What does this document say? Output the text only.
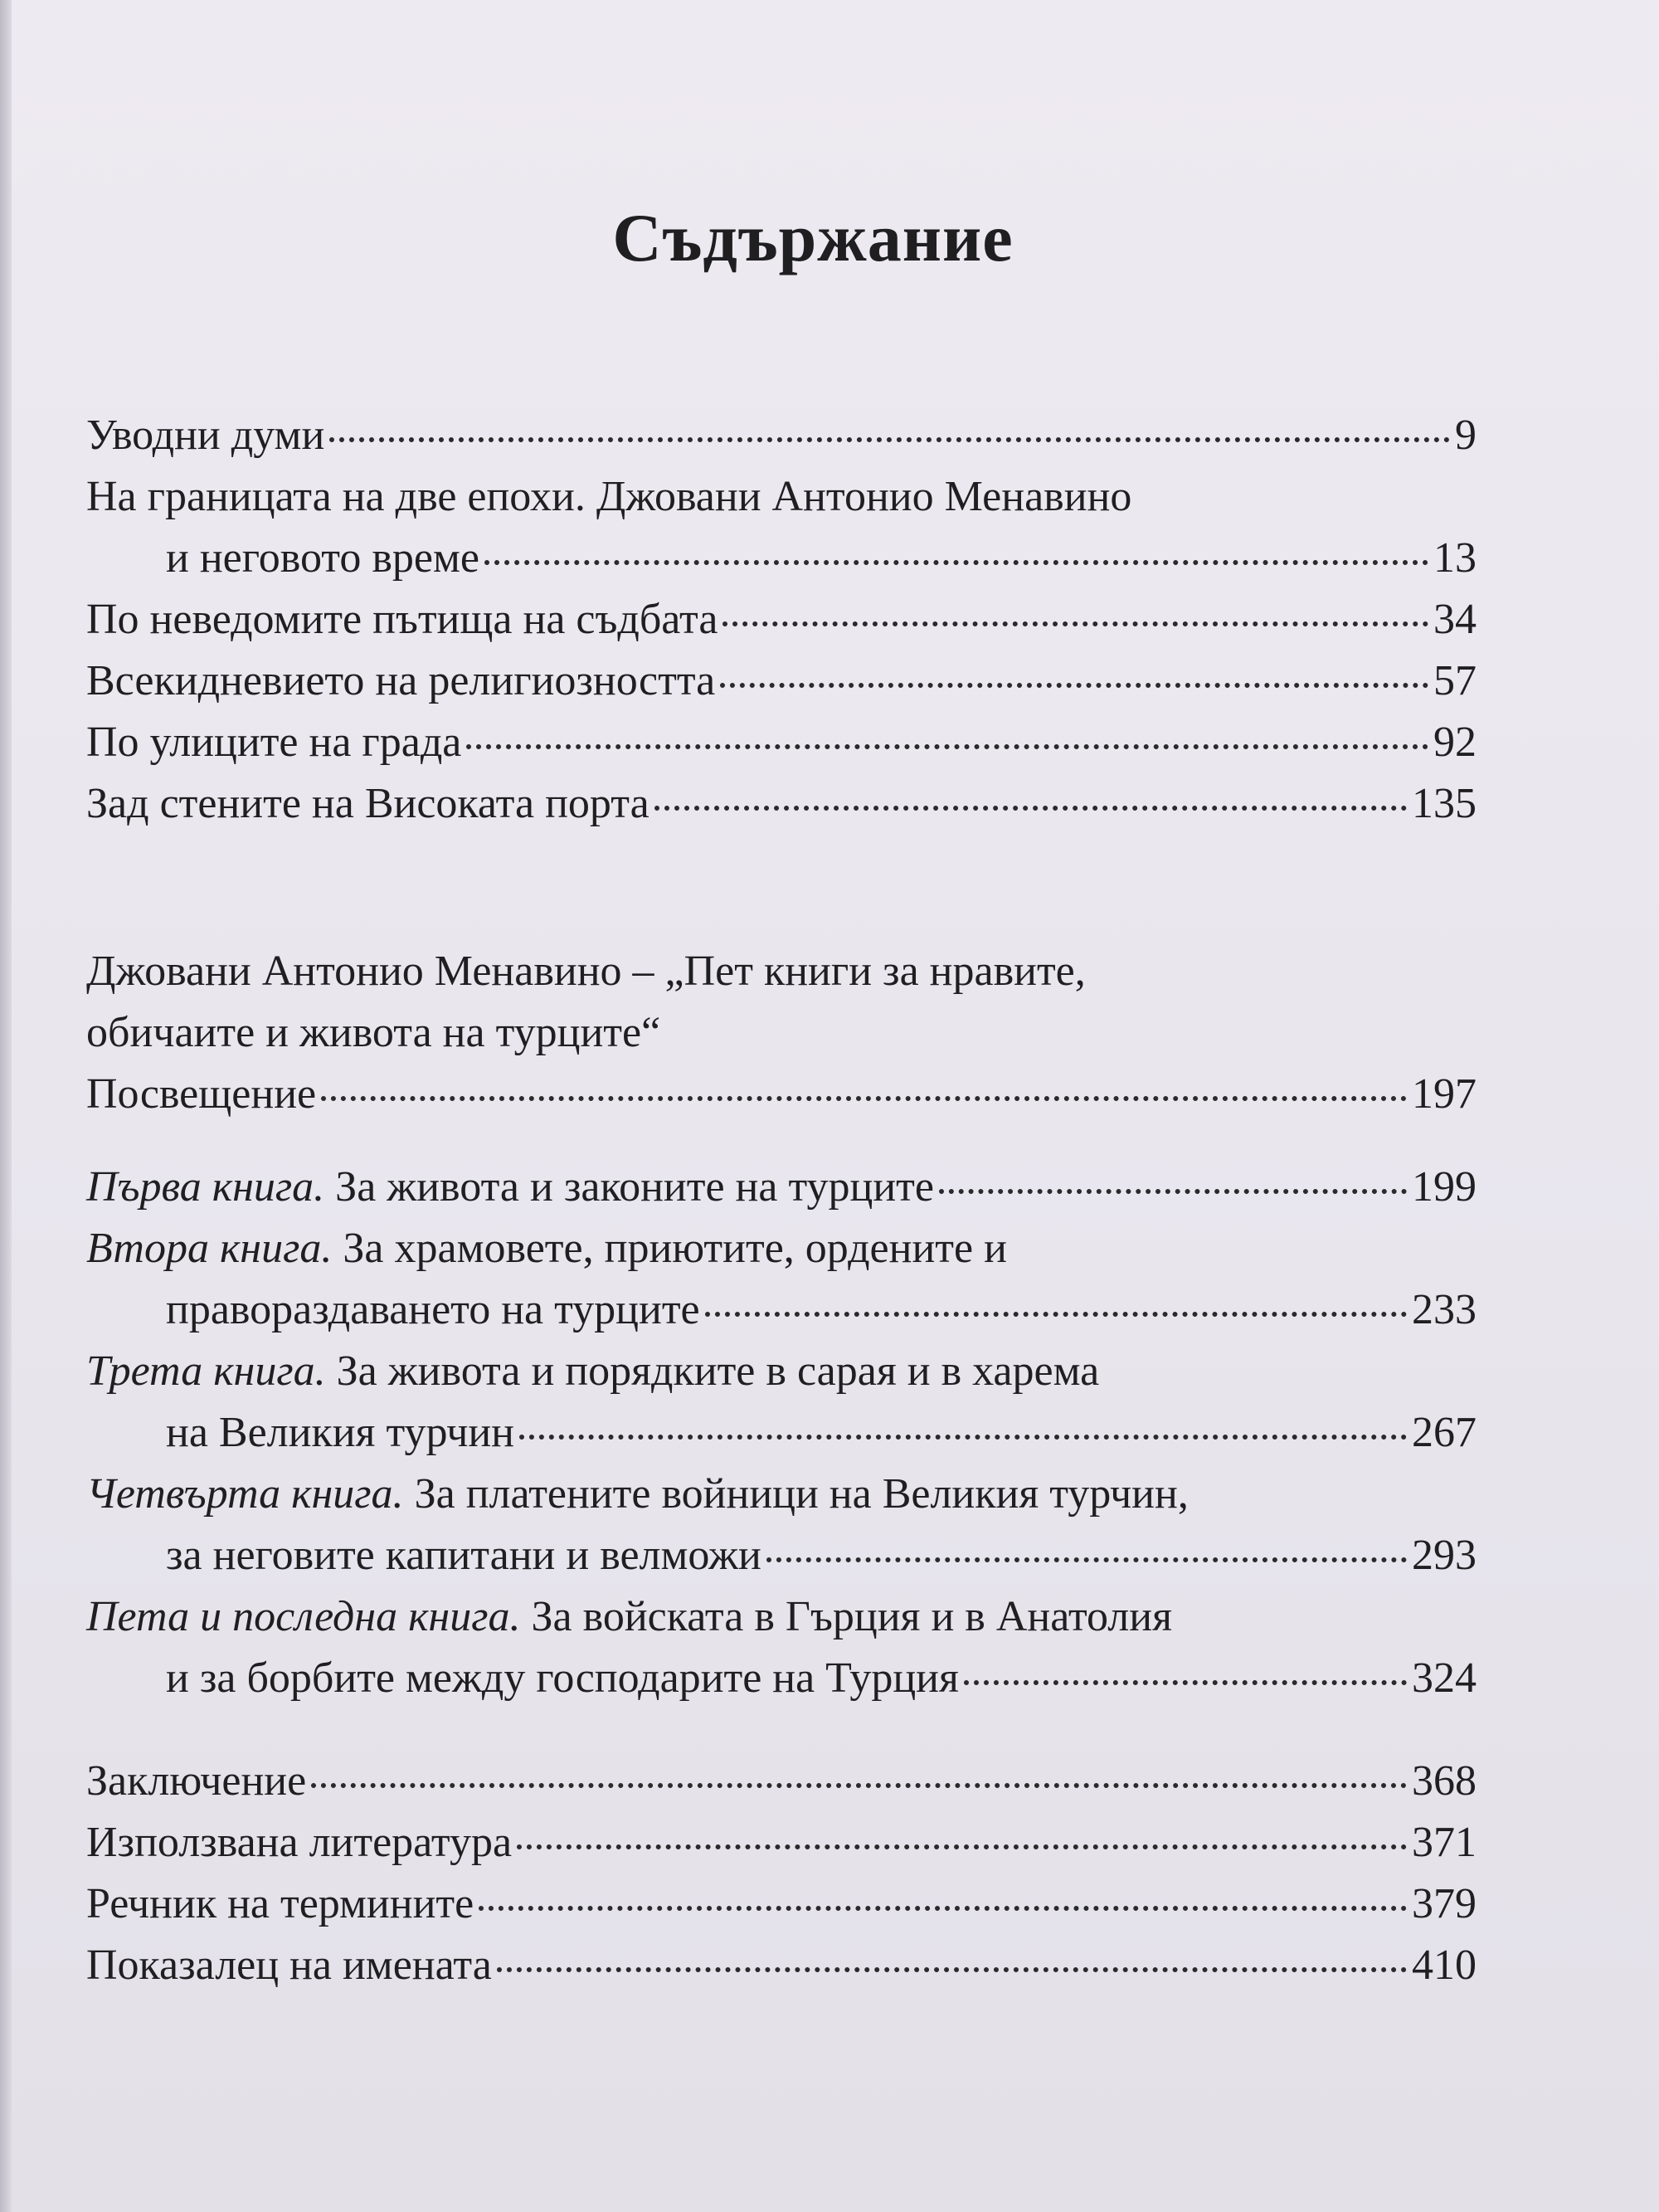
Съдържание
Уводни думи	9
На границата на две епохи. Джовани Антонио Менавино
и неговото време	13
По неведомите пътища на съдбата	34
Всекидневието на религиозността	57
По улиците на града	92
Зад стените на Високата порта	135
Джовани Антонио Менавино – „Пет книги за нравите,
обичаите и живота на турците“
Посвещение	197
Първа книга. За живота и законите на турците	199
Втора книга. За храмовете, приютите, ордените и
правораздаването на турците	233
Трета книга. За живота и порядките в сарая и в харема
на Великия турчин	267
Четвърта книга. За платените войници на Великия турчин,
за неговите капитани и велможи	293
Пета и последна книга. За войската в Гърция и в Анатолия
и за борбите между господарите на Турция	324
Заключение	368
Използвана литература	371
Речник на термините	379
Показалец на имената	410
